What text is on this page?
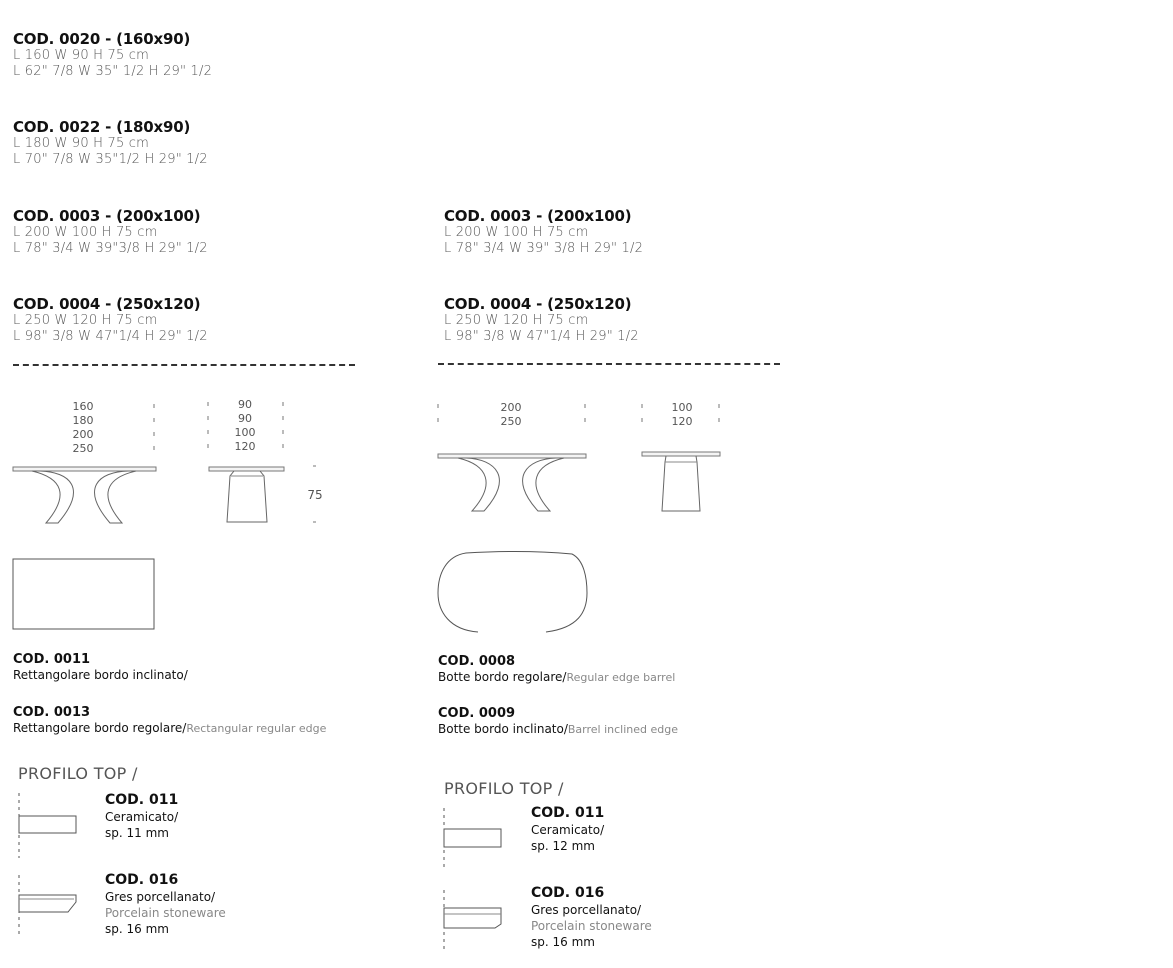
COD. 0020 - (160x90)
L 160 W 90 H 75 cm
L 62" 7/8 W 35" 1/2 H 29" 1/2
COD. 0022 - (180x90)
L 180 W 90 H 75 cm
L 70" 7/8 W 35"1/2 H 29" 1/2
COD. 0003 - (200x100)
L 200 W 100 H 75 cm
L 78" 3/4 W 39"3/8 H 29" 1/2
COD. 0004 - (250x120)
L 250 W 120 H 75 cm
L 98" 3/8 W 47"1/4 H 29" 1/2
COD. 0003 - (200x100)
L 200 W 100 H 75 cm
L 78" 3/4 W 39" 3/8 H 29" 1/2
COD. 0004 - (250x120)
L 250 W 120 H 75 cm
L 98" 3/8 W 47"1/4 H 29" 1/2
160
180
200
250
90
90
100
120
75
200
250
100
120
COD. 0011
Rettangolare bordo inclinato/
COD. 0013
Rettangolare bordo regolare/Rectangular regular edge
COD. 0008
Botte bordo regolare/Regular edge barrel
COD. 0009
Botte bordo inclinato/Barrel inclined edge
PROFILO TOP /
COD. 011
Ceramicato/
sp. 11 mm
COD. 016
Gres porcellanato/
Porcelain stoneware
sp. 16 mm
PROFILO TOP /
COD. 011
Ceramicato/
sp. 12 mm
COD. 016
Gres porcellanato/
Porcelain stoneware
sp. 16 mm
